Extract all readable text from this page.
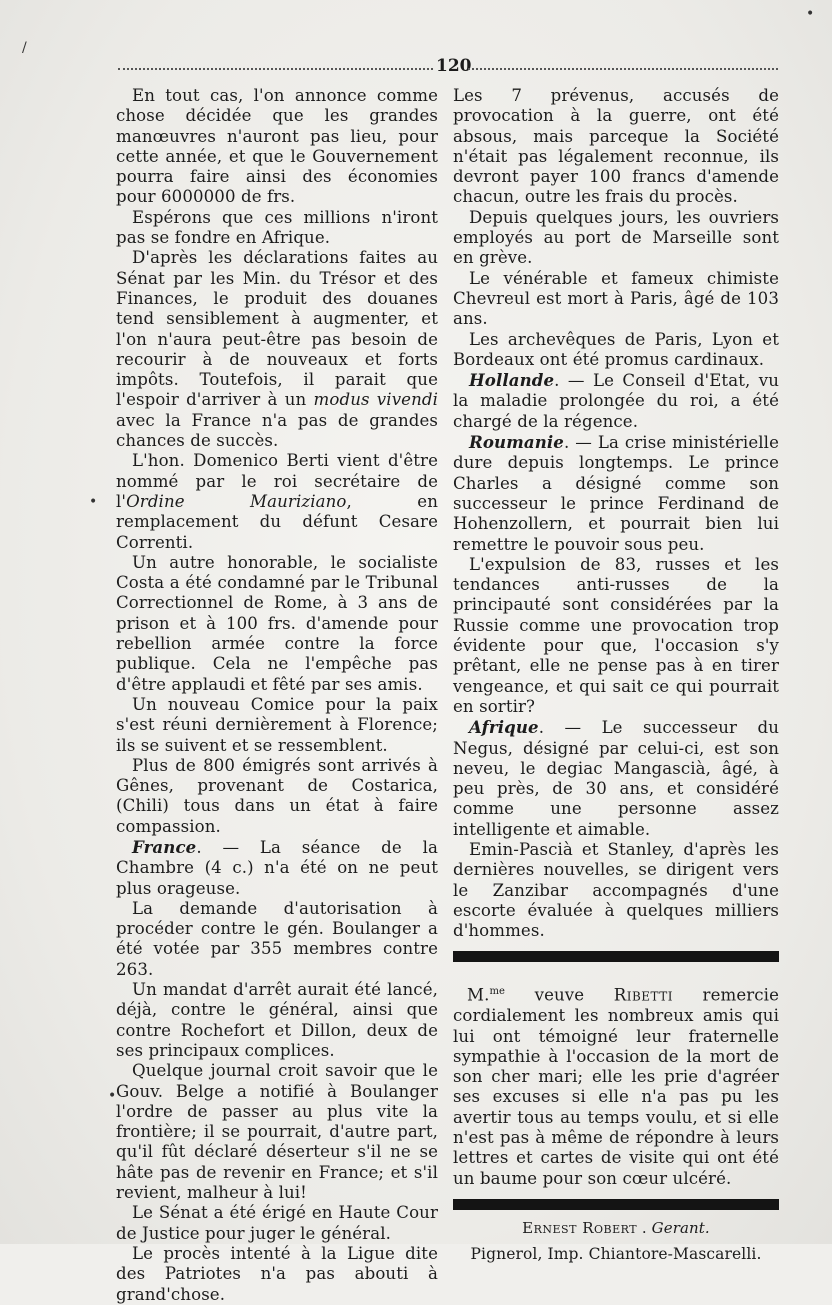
120

En tout cas, l'on annonce comme chose décidée que les grandes manœuvres n'auront pas lieu, pour cette année, et que le Gouvernement pourra faire ainsi des économies pour 6000000 de frs.

Espérons que ces millions n'iront pas se fondre en Afrique.

D'après les déclarations faites au Sénat par les Min. du Trésor et des Finances, le produit des douanes tend sensiblement à augmenter, et l'on n'aura peut-être pas besoin de recourir à de nouveaux et forts impôts. Toutefois, il parait que l'espoir d'arriver à un modus vivendi avec la France n'a pas de grandes chances de succès.

L'hon. Domenico Berti vient d'être nommé par le roi secrétaire de l'Ordine Mauriziano, en remplacement du défunt Cesare Correnti.

Un autre honorable, le socialiste Costa a été condamné par le Tribunal Correctionnel de Rome, à 3 ans de prison et à 100 frs. d'amende pour rebellion armée contre la force publique. Cela ne l'empêche pas d'être applaudi et fêté par ses amis.

Un nouveau Comice pour la paix s'est réuni dernièrement à Florence; ils se suivent et se ressemblent.

Plus de 800 émigrés sont arrivés à Gênes, provenant de Costarica, (Chili) tous dans un état à faire compassion.

France. — La séance de la Chambre (4 c.) n'a été on ne peut plus orageuse.

La demande d'autorisation à procéder contre le gén. Boulanger a été votée par 355 membres contre 263.

Un mandat d'arrêt aurait été lancé, déjà, contre le général, ainsi que contre Rochefort et Dillon, deux de ses principaux complices.

Quelque journal croit savoir que le Gouv. Belge a notifié à Boulanger l'ordre de passer au plus vite la frontière; il se pourrait, d'autre part, qu'il fût déclaré déserteur s'il ne se hâte pas de revenir en France; et s'il revient, malheur à lui!

Le Sénat a été érigé en Haute Cour de Justice pour juger le général.

Le procès intenté à la Ligue dite des Patriotes n'a pas abouti à grand'chose.

Les 7 prévenus, accusés de provocation à la guerre, ont été absous, mais parceque la Société n'était pas légalement reconnue, ils devront payer 100 francs d'amende chacun, outre les frais du procès.

Depuis quelques jours, les ouvriers employés au port de Marseille sont en grève.

Le vénérable et fameux chimiste Chevreul est mort à Paris, âgé de 103 ans.

Les archevêques de Paris, Lyon et Bordeaux ont été promus cardinaux.

Hollande. — Le Conseil d'Etat, vu la maladie prolongée du roi, a été chargé de la régence.

Roumanie. — La crise ministérielle dure depuis longtemps. Le prince Charles a désigné comme son successeur le prince Ferdinand de Hohenzollern, et pourrait bien lui remettre le pouvoir sous peu.

L'expulsion de 83, russes et les tendances anti-russes de la principauté sont considérées par la Russie comme une provocation trop évidente pour que, l'occasion s'y prêtant, elle ne pense pas à en tirer vengeance, et qui sait ce qui pourrait en sortir?

Afrique. — Le successeur du Negus, désigné par celui-ci, est son neveu, le degiac Mangascià, âgé, à peu près, de 30 ans, et considéré comme une personne assez intelligente et aimable.

Emin-Pascià et Stanley, d'après les dernières nouvelles, se dirigent vers le Zanzibar accompagnés d'une escorte évaluée à quelques milliers d'hommes.

M.$^{me}$ veuve Ribetti remercie cordialement les nombreux amis qui lui ont témoigné leur fraternelle sympathie à l'occasion de la mort de son cher mari; elle les prie d'agréer ses excuses si elle n'a pas pu les avertir tous au temps voulu, et si elle n'est pas à même de répondre à leurs lettres et cartes de visite qui ont été un baume pour son cœur ulcéré.

Ernest Robert . Gerant.
Pignerol, Imp. Chiantore-Mascarelli.
/
•
•
•
